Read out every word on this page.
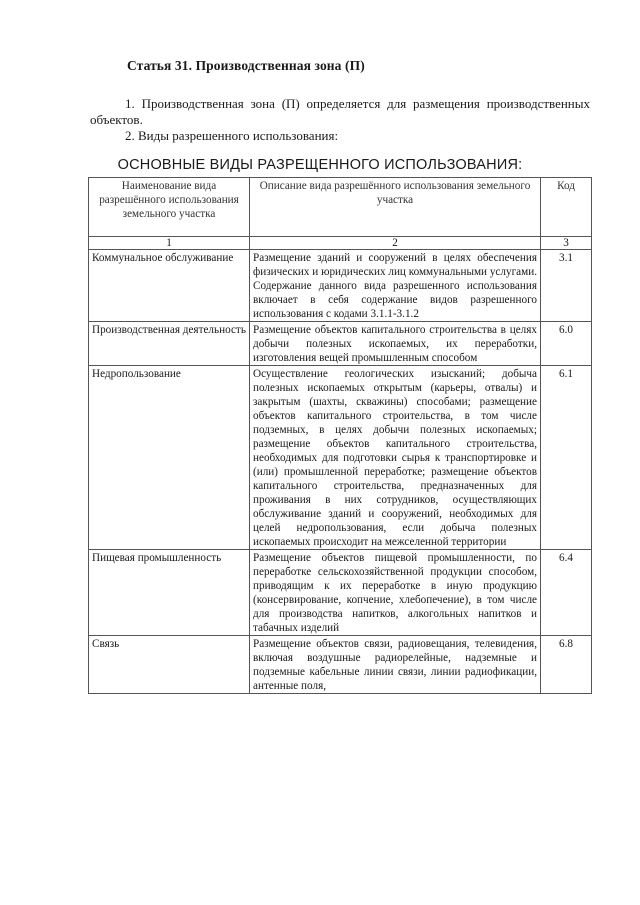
Статья 31. Производственная зона (П)
1. Производственная зона (П) определяется для размещения производственных объектов.
2. Виды разрешенного использования:
ОСНОВНЫЕ ВИДЫ РАЗРЕЩЕННОГО ИСПОЛЬЗОВАНИЯ:
Наименование вида разрешённого использования земельного участка	Описание вида разрешённого использования земельного участка	Код
1	2	3
Коммунальное обслуживание	Размещение зданий и сооружений в целях обеспечения физических и юридических лиц коммунальными услугами. Содержание данного вида разрешенного использования включает в себя содержание видов разрешенного использования с кодами 3.1.1-3.1.2	3.1
Производственная деятельность	Размещение объектов капитального строительства в целях добычи полезных ископаемых, их переработки, изготовления вещей промышленным способом	6.0
Недропользование	Осуществление геологических изысканий; добыча полезных ископаемых открытым (карьеры, отвалы) и закрытым (шахты, скважины) способами; размещение объектов капитального строительства, в том числе подземных, в целях добычи полезных ископаемых; размещение объектов капитального строительства, необходимых для подготовки сырья к транспортировке и (или) промышленной переработке; размещение объектов капитального строительства, предназначенных для проживания в них сотрудников, осуществляющих обслуживание зданий и сооружений, необходимых для целей недропользования, если добыча полезных ископаемых происходит на межселенной территории	6.1
Пищевая промышленность	Размещение объектов пищевой промышленности, по переработке сельскохозяйственной продукции способом, приводящим к их переработке в иную продукцию (консервирование, копчение, хлебопечение), в том числе для производства напитков, алкогольных напитков и табачных изделий	6.4
Связь	Размещение объектов связи, радиовещания, телевидения, включая воздушные радиорелейные, надземные и подземные кабельные линии связи, линии радиофикации, антенные поля,	6.8
